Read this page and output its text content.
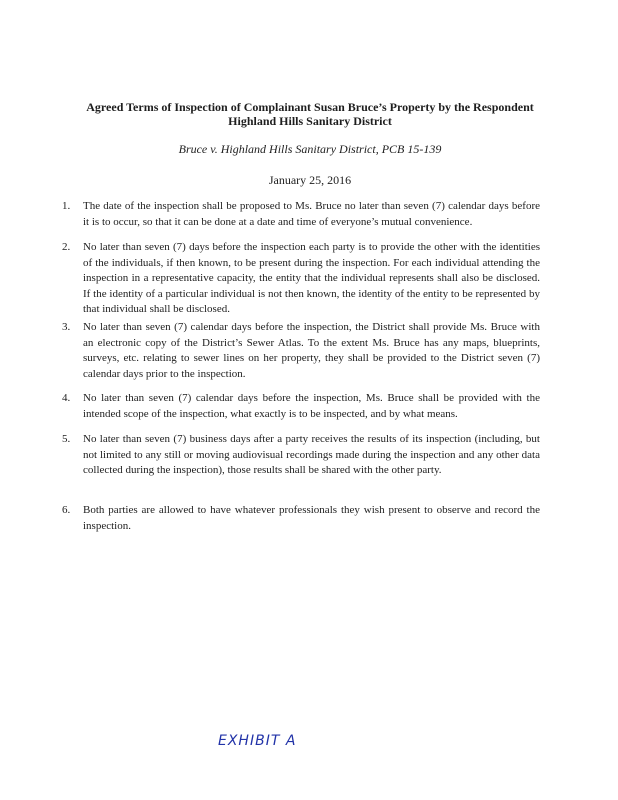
Agreed Terms of Inspection of Complainant Susan Bruce’s Property by the Respondent
Highland Hills Sanitary District
Bruce v. Highland Hills Sanitary District, PCB 15-139
January 25, 2016
1.	The date of the inspection shall be proposed to Ms. Bruce no later than seven (7) calendar days before it is to occur, so that it can be done at a date and time of everyone’s mutual convenience.
2.	No later than seven (7) days before the inspection each party is to provide the other with the identities of the individuals, if then known, to be present during the inspection. For each individual attending the inspection in a representative capacity, the entity that the individual represents shall also be disclosed. If the identity of a particular individual is not then known, the identity of the entity to be represented by that individual shall be disclosed.
3.	No later than seven (7) calendar days before the inspection, the District shall provide Ms. Bruce with an electronic copy of the District’s Sewer Atlas. To the extent Ms. Bruce has any maps, blueprints, surveys, etc. relating to sewer lines on her property, they shall be provided to the District seven (7) calendar days prior to the inspection.
4.	No later than seven (7) calendar days before the inspection, Ms. Bruce shall be provided with the intended scope of the inspection, what exactly is to be inspected, and by what means.
5.	No later than seven (7) business days after a party receives the results of its inspection (including, but not limited to any still or moving audiovisual recordings made during the inspection and any other data collected during the inspection), those results shall be shared with the other party.
6.	Both parties are allowed to have whatever professionals they wish present to observe and record the inspection.
EXHIBIT A
